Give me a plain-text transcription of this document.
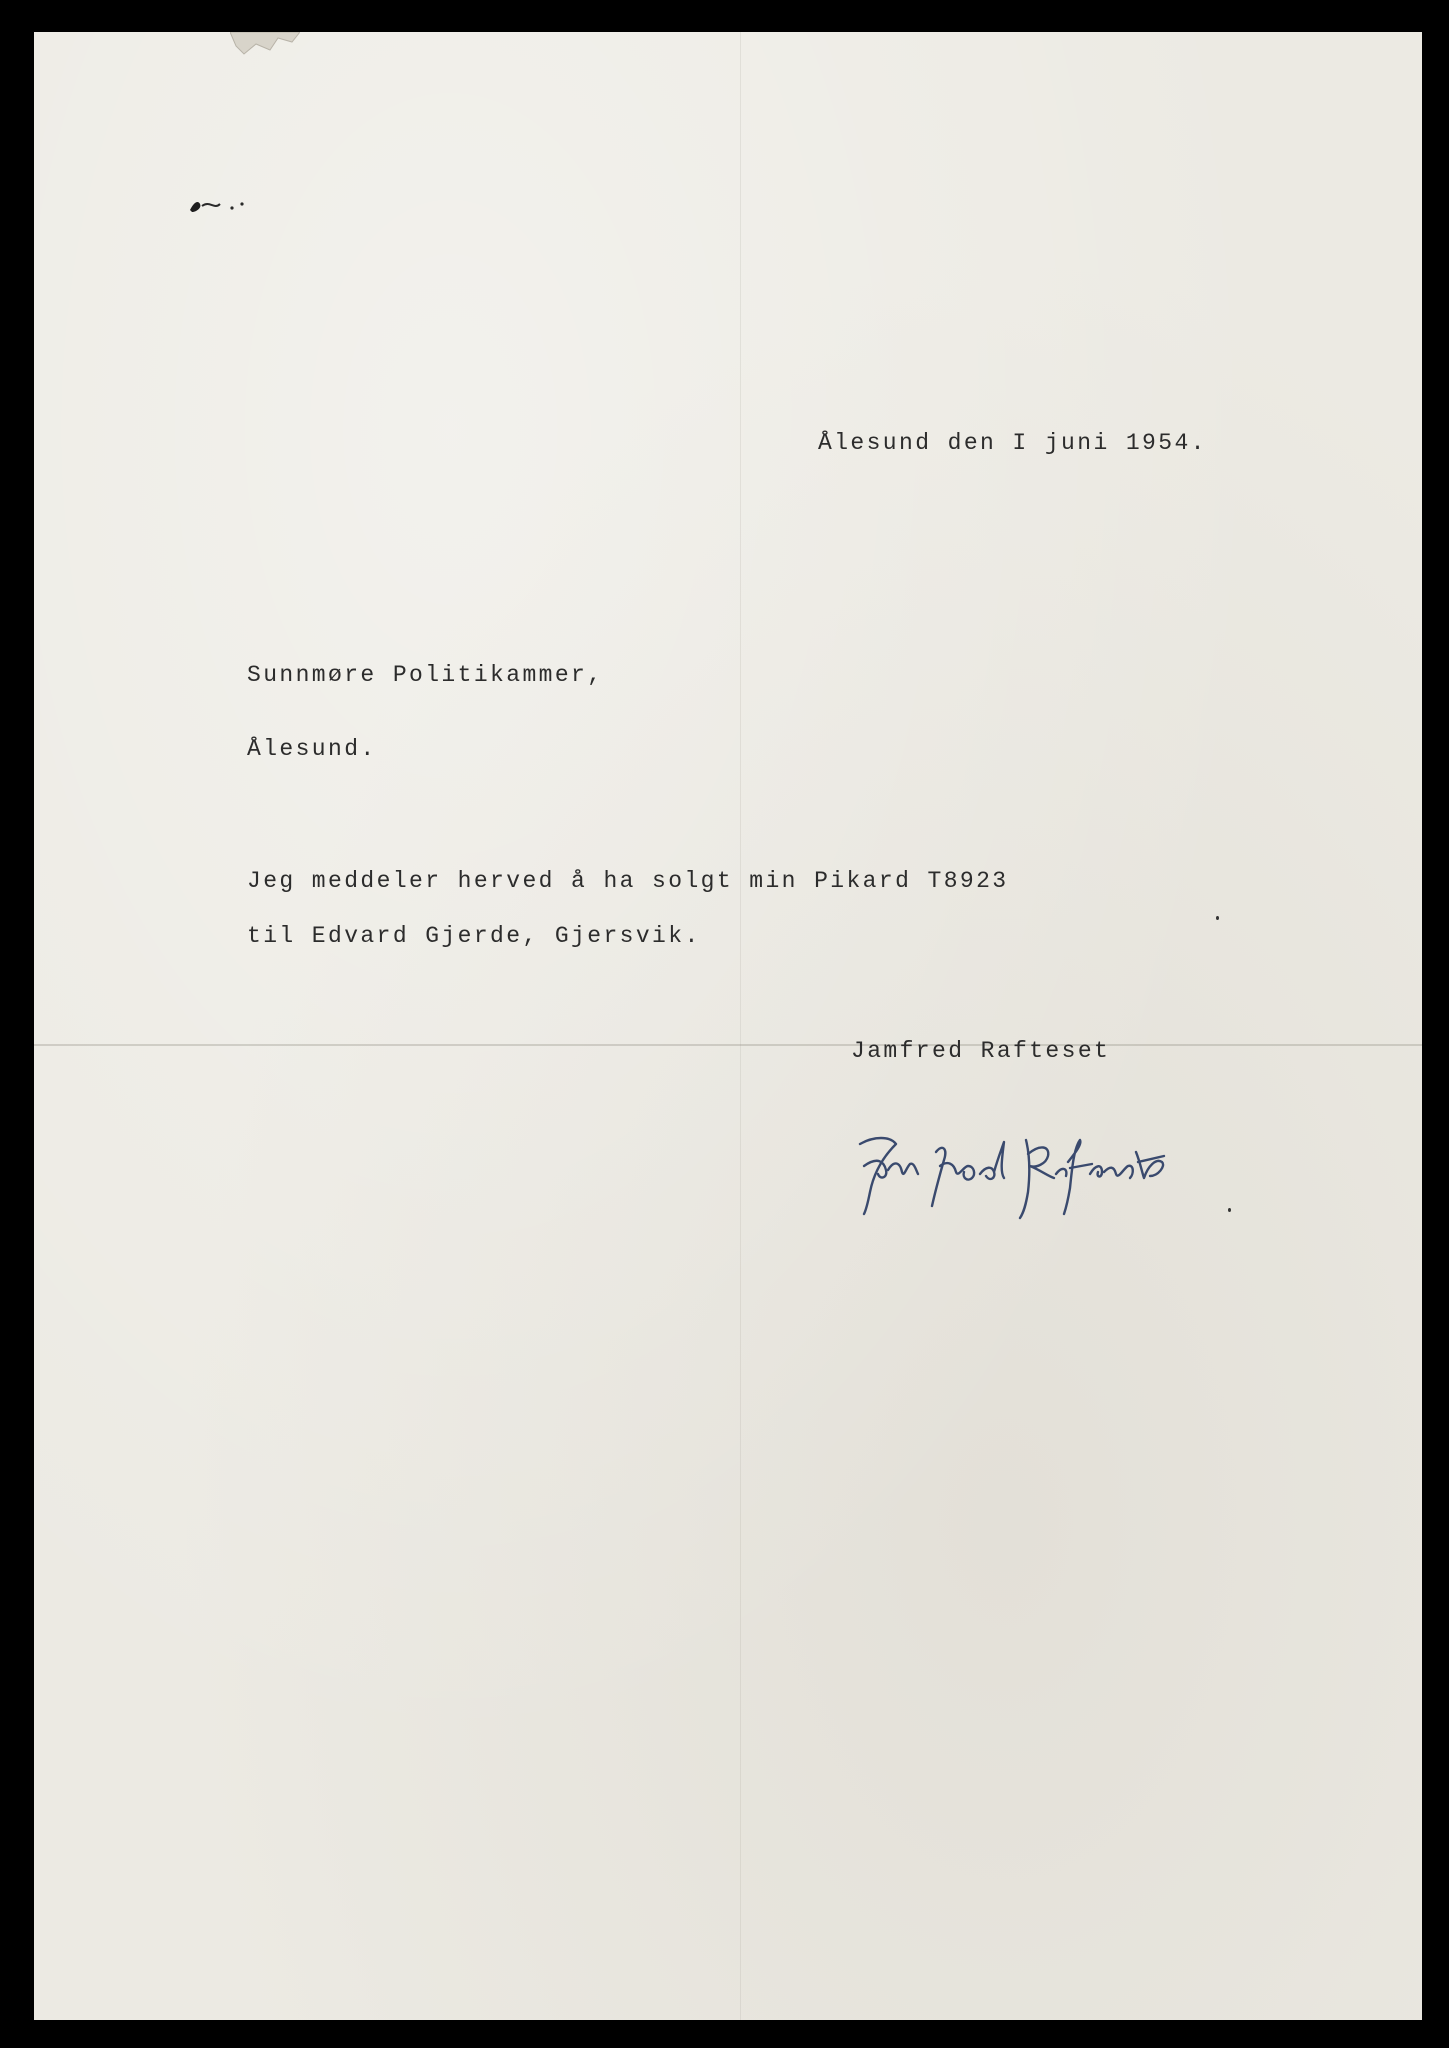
Ålesund den I juni 1954.
Sunnmøre Politikammer,
Ålesund.
Jeg meddeler herved å ha solgt min Pikard T8923
til Edvard Gjerde, Gjersvik.
Jamfred Rafteset
